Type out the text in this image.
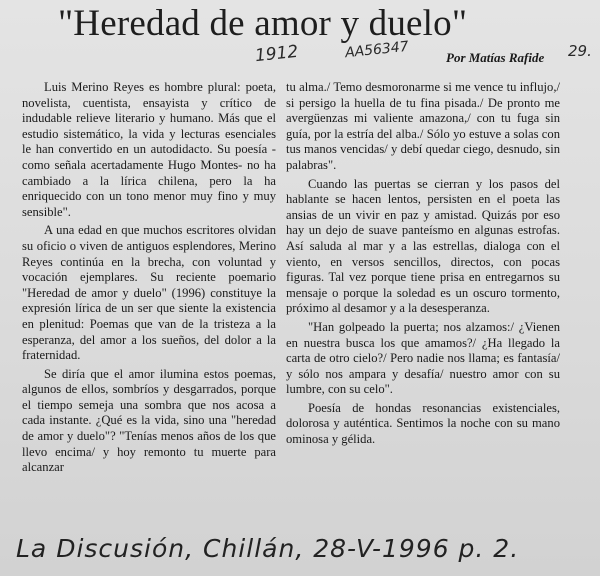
"Heredad de amor y duelo"
1912	AA56347	Por Matías Rafide 29.

Luis Merino Reyes es hombre plural: poeta, novelista, cuentista, ensayista y crítico de indudable relieve literario y humano. Más que el estudio sistemático, la vida y lecturas esenciales le han convertido en un autodidacto. Su poesía -como señala acertadamente Hugo Montes- no ha cambiado a la lírica chilena, pero la ha enriquecido con un tono menor muy fino y muy sensible".

A una edad en que muchos escritores olvidan su oficio o viven de antiguos esplendores, Merino Reyes continúa en la brecha, con voluntad y vocación ejemplares. Su reciente poemario "Heredad de amor y duelo" (1996) constituye la expresión lírica de un ser que siente la existencia en plenitud: Poemas que van de la tristeza a la esperanza, del amor a los sueños, del dolor a la fraternidad.

Se diría que el amor ilumina estos poemas, algunos de ellos, sombríos y desgarrados, porque el tiempo semeja una sombra que nos acosa a cada instante. ¿Qué es la vida, sino una "heredad de amor y duelo"? "Tenías menos años de los que llevo encima/ y hoy remonto tu muerte para alcanzar

tu alma./ Temo desmoronarme si me vence tu influjo,/ si persigo la huella de tu fina pisada./ De pronto me avergüenzas mi valiente amazona,/ con tu fuga sin guía, por la estría del alba./ Sólo yo estuve a solas con tus manos vencidas/ y debí quedar ciego, desnudo, sin palabras".

Cuando las puertas se cierran y los pasos del hablante se hacen lentos, persisten en el poeta las ansias de un vivir en paz y amistad. Quizás por eso hay un dejo de suave panteísmo en algunas estrofas. Así saluda al mar y a las estrellas, dialoga con el viento, en versos sencillos, directos, con pocas figuras. Tal vez porque tiene prisa en entregarnos su mensaje o porque la soledad es un oscuro tormento, próximo al desamor y a la desesperanza.

"Han golpeado la puerta; nos alzamos:/ ¿Vienen en nuestra busca los que amamos?/ ¿Ha llegado la carta de otro cielo?/ Pero nadie nos llama; es fantasía/ y sólo nos ampara y desafía/ nuestro amor con su lumbre, con su celo".

Poesía de hondas resonancias existenciales, dolorosa y auténtica. Sentimos la noche con su mano ominosa y gélida.

La Discusión, Chillán, 28-V-1996 p. 2.
